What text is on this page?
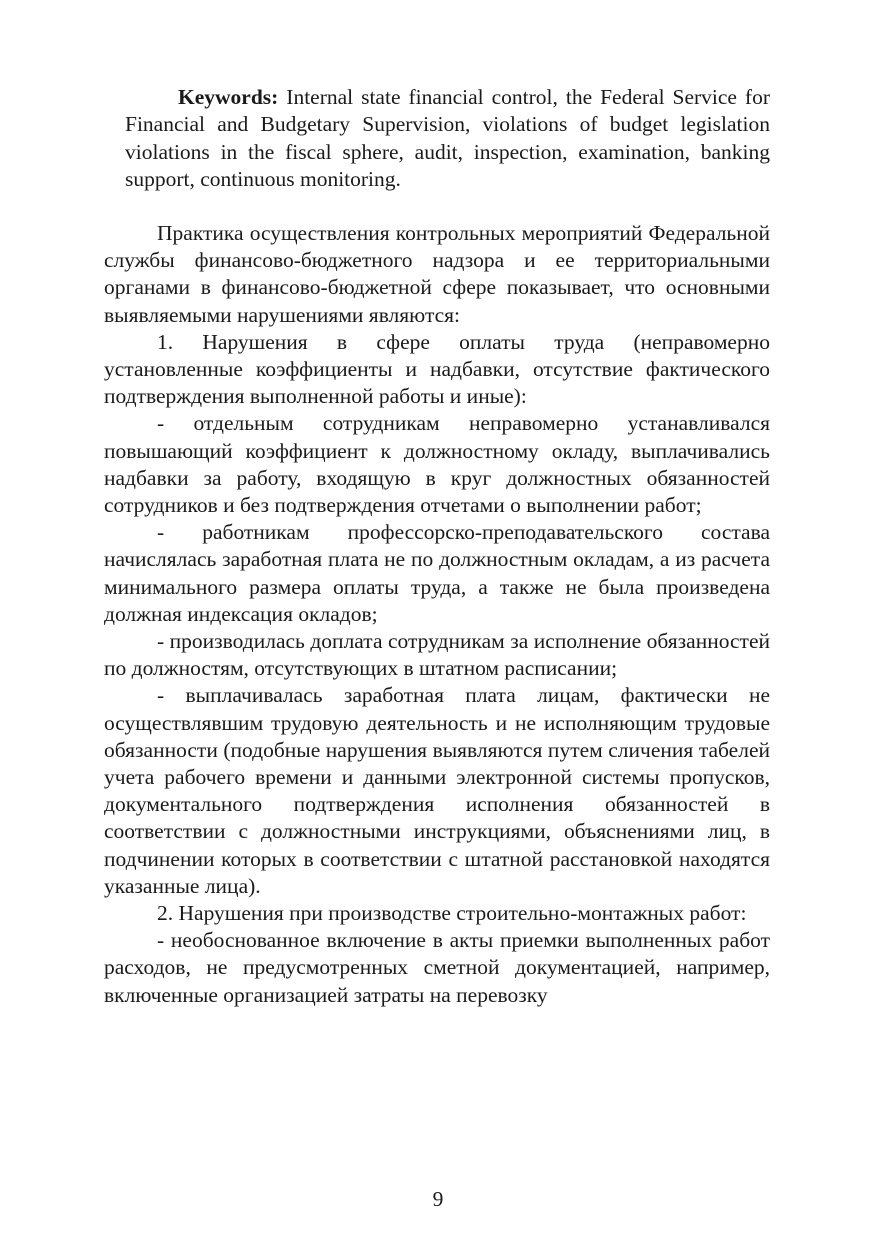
Keywords: Internal state financial control, the Federal Service for Financial and Budgetary Supervision, violations of budget legislation violations in the fiscal sphere, audit, inspection, examination, banking support, continuous monitoring.

Практика осуществления контрольных мероприятий Федеральной службы финансово-бюджетного надзора и ее территориальными органами в финансово-бюджетной сфере показывает, что основными выявляемыми нарушениями являются:

1. Нарушения в сфере оплаты труда (неправомерно установленные коэффициенты и надбавки, отсутствие фактического подтверждения выполненной работы и иные):

- отдельным сотрудникам неправомерно устанавливался повышающий коэффициент к должностному окладу, выплачивались надбавки за работу, входящую в круг должностных обязанностей сотрудников и без подтверждения отчетами о выполнении работ;

- работникам профессорско-преподавательского состава начислялась заработная плата не по должностным окладам, а из расчета минимального размера оплаты труда, а также не была произведена должная индексация окладов;

- производилась доплата сотрудникам за исполнение обязанностей по должностям, отсутствующих в штатном расписании;

- выплачивалась заработная плата лицам, фактически не осуществлявшим трудовую деятельность и не исполняющим трудовые обязанности (подобные нарушения выявляются путем сличения табелей учета рабочего времени и данными электронной системы пропусков, документального подтверждения исполнения обязанностей в соответствии с должностными инструкциями, объяснениями лиц, в подчинении которых в соответствии с штатной расстановкой находятся указанные лица).

2. Нарушения при производстве строительно-монтажных работ:

- необоснованное включение в акты приемки выполненных работ расходов, не предусмотренных сметной документацией, например, включенные организацией затраты на перевозку

9
